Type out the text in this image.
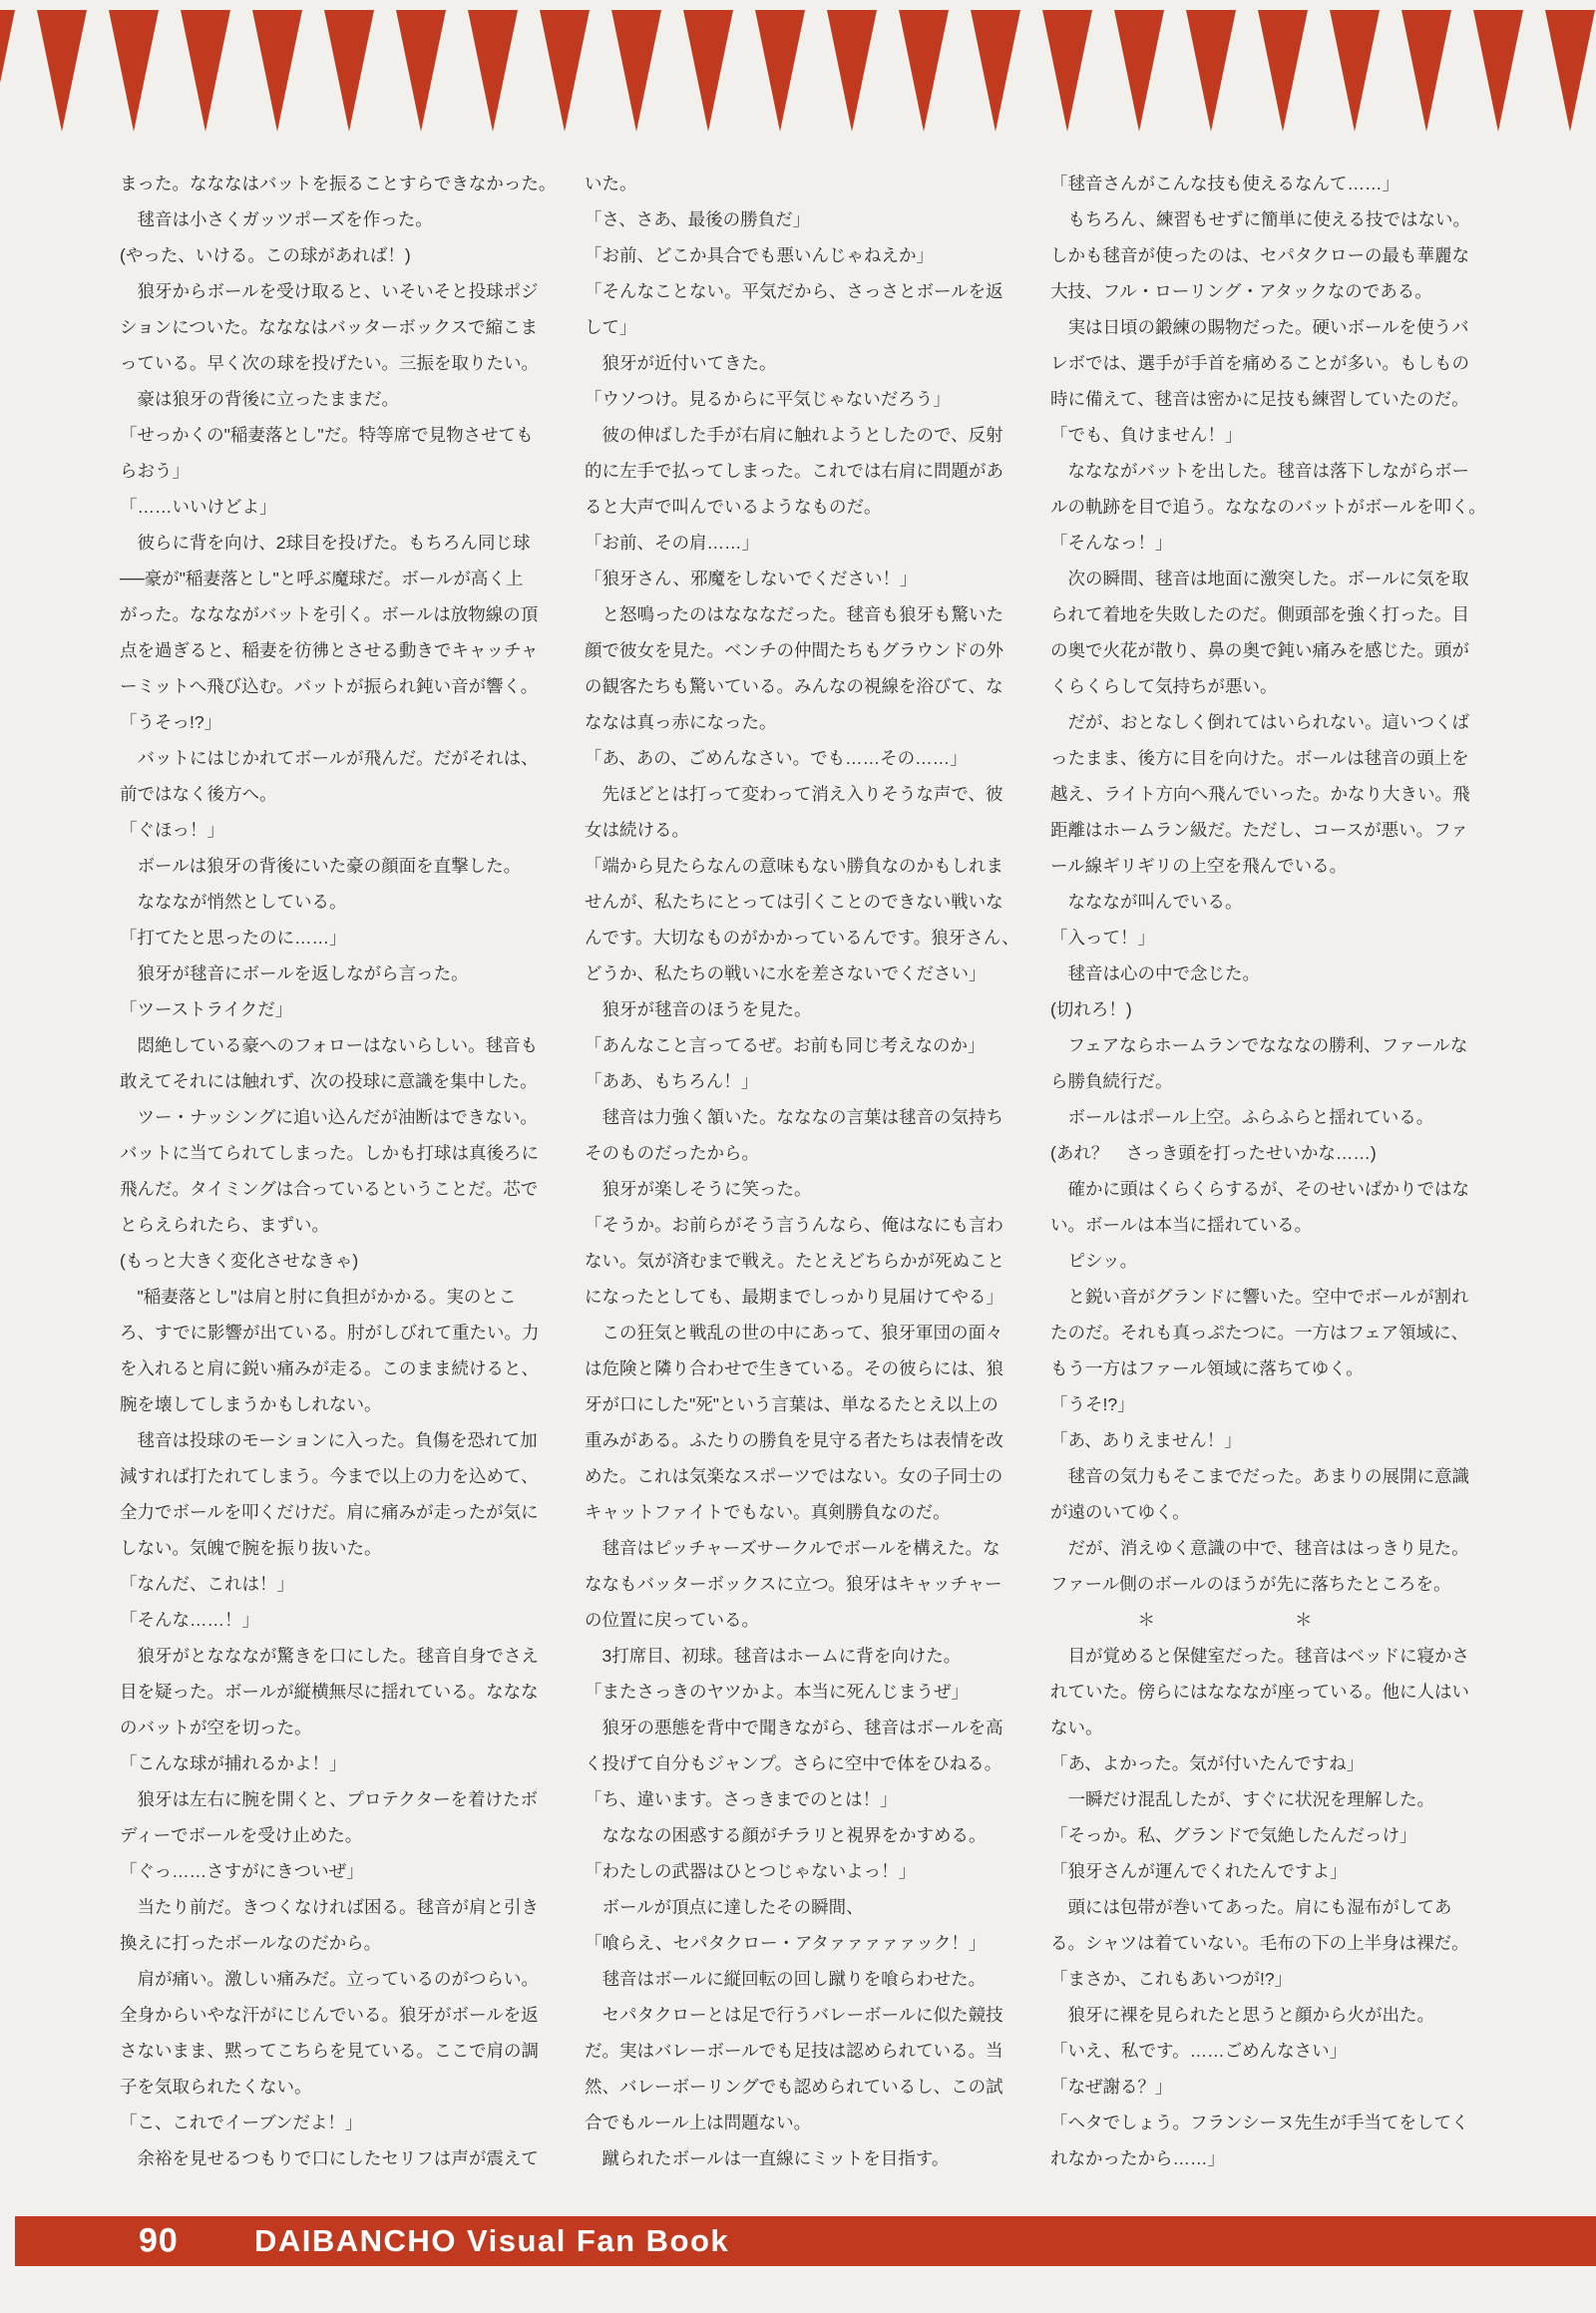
まった。なななはバットを振ることすらできなかった。
　毬音は小さくガッツポーズを作った。
(やった、いける。この球があれば！)
　狼牙からボールを受け取ると、いそいそと投球ポジ
ションについた。なななはバッターボックスで縮こま
っている。早く次の球を投げたい。三振を取りたい。
　豪は狼牙の背後に立ったままだ。
「せっかくの"稲妻落とし"だ。特等席で見物させても
らおう」
「……いいけどよ」
　彼らに背を向け、2球目を投げた。もちろん同じ球
──豪が"稲妻落とし"と呼ぶ魔球だ。ボールが高く上
がった。ななながバットを引く。ボールは放物線の頂
点を過ぎると、稲妻を彷彿とさせる動きでキャッチャ
ーミットへ飛び込む。バットが振られ鈍い音が響く。
「うそっ!?」
　バットにはじかれてボールが飛んだ。だがそれは、
前ではなく後方へ。
「ぐほっ！」
　ボールは狼牙の背後にいた豪の顔面を直撃した。
　なななが悄然としている。
「打てたと思ったのに……」
　狼牙が毬音にボールを返しながら言った。
「ツーストライクだ」
　悶絶している豪へのフォローはないらしい。毬音も
敢えてそれには触れず、次の投球に意識を集中した。
　ツー・ナッシングに追い込んだが油断はできない。
バットに当てられてしまった。しかも打球は真後ろに
飛んだ。タイミングは合っているということだ。芯で
とらえられたら、まずい。
(もっと大きく変化させなきゃ)
　"稲妻落とし"は肩と肘に負担がかかる。実のとこ
ろ、すでに影響が出ている。肘がしびれて重たい。力
を入れると肩に鋭い痛みが走る。このまま続けると、
腕を壊してしまうかもしれない。
　毬音は投球のモーションに入った。負傷を恐れて加
減すれば打たれてしまう。今まで以上の力を込めて、
全力でボールを叩くだけだ。肩に痛みが走ったが気に
しない。気魄で腕を振り抜いた。
「なんだ、これは！」
「そんな……！」
　狼牙がとなななが驚きを口にした。毬音自身でさえ
目を疑った。ボールが縦横無尽に揺れている。ななな
のバットが空を切った。
「こんな球が捕れるかよ！」
　狼牙は左右に腕を開くと、プロテクターを着けたボ
ディーでボールを受け止めた。
「ぐっ……さすがにきついぜ」
　当たり前だ。きつくなければ困る。毬音が肩と引き
換えに打ったボールなのだから。
　肩が痛い。激しい痛みだ。立っているのがつらい。
全身からいやな汗がにじんでいる。狼牙がボールを返
さないまま、黙ってこちらを見ている。ここで肩の調
子を気取られたくない。
「こ、これでイーブンだよ！」
　余裕を見せるつもりで口にしたセリフは声が震えて
いた。
「さ、さあ、最後の勝負だ」
「お前、どこか具合でも悪いんじゃねえか」
「そんなことない。平気だから、さっさとボールを返
して」
　狼牙が近付いてきた。
「ウソつけ。見るからに平気じゃないだろう」
　彼の伸ばした手が右肩に触れようとしたので、反射
的に左手で払ってしまった。これでは右肩に問題があ
ると大声で叫んでいるようなものだ。
「お前、その肩……」
「狼牙さん、邪魔をしないでください！」
　と怒鳴ったのはなななだった。毬音も狼牙も驚いた
顔で彼女を見た。ベンチの仲間たちもグラウンドの外
の観客たちも驚いている。みんなの視線を浴びて、な
ななは真っ赤になった。
「あ、あの、ごめんなさい。でも……その……」
　先ほどとは打って変わって消え入りそうな声で、彼
女は続ける。
「端から見たらなんの意味もない勝負なのかもしれま
せんが、私たちにとっては引くことのできない戦いな
んです。大切なものがかかっているんです。狼牙さん、
どうか、私たちの戦いに水を差さないでください」
　狼牙が毬音のほうを見た。
「あんなこと言ってるぜ。お前も同じ考えなのか」
「ああ、もちろん！」
　毬音は力強く頷いた。なななの言葉は毬音の気持ち
そのものだったから。
　狼牙が楽しそうに笑った。
「そうか。お前らがそう言うんなら、俺はなにも言わ
ない。気が済むまで戦え。たとえどちらかが死ぬこと
になったとしても、最期までしっかり見届けてやる」
　この狂気と戦乱の世の中にあって、狼牙軍団の面々
は危険と隣り合わせで生きている。その彼らには、狼
牙が口にした"死"という言葉は、単なるたとえ以上の
重みがある。ふたりの勝負を見守る者たちは表情を改
めた。これは気楽なスポーツではない。女の子同士の
キャットファイトでもない。真剣勝負なのだ。
　毬音はピッチャーズサークルでボールを構えた。な
ななもバッターボックスに立つ。狼牙はキャッチャー
の位置に戻っている。
　3打席目、初球。毬音はホームに背を向けた。
「またさっきのヤツかよ。本当に死んじまうぜ」
　狼牙の悪態を背中で聞きながら、毬音はボールを高
く投げて自分もジャンプ。さらに空中で体をひねる。
「ち、違います。さっきまでのとは！」
　なななの困惑する顔がチラリと視界をかすめる。
「わたしの武器はひとつじゃないよっ！」
　ボールが頂点に達したその瞬間、
「喰らえ、セパタクロー・アタァァァァァック！」
　毬音はボールに縦回転の回し蹴りを喰らわせた。
　セパタクローとは足で行うバレーボールに似た競技
だ。実はバレーボールでも足技は認められている。当
然、バレーボーリングでも認められているし、この試
合でもルール上は問題ない。
　蹴られたボールは一直線にミットを目指す。
「毬音さんがこんな技も使えるなんて……」
　もちろん、練習もせずに簡単に使える技ではない。
しかも毬音が使ったのは、セパタクローの最も華麗な
大技、フル・ローリング・アタックなのである。
　実は日頃の鍛練の賜物だった。硬いボールを使うバ
レボでは、選手が手首を痛めることが多い。もしもの
時に備えて、毬音は密かに足技も練習していたのだ。
「でも、負けません！」
　ななながバットを出した。毬音は落下しながらボー
ルの軌跡を目で追う。なななのバットがボールを叩く。
「そんなっ！」
　次の瞬間、毬音は地面に激突した。ボールに気を取
られて着地を失敗したのだ。側頭部を強く打った。目
の奥で火花が散り、鼻の奥で鈍い痛みを感じた。頭が
くらくらして気持ちが悪い。
　だが、おとなしく倒れてはいられない。這いつくば
ったまま、後方に目を向けた。ボールは毬音の頭上を
越え、ライト方向へ飛んでいった。かなり大きい。飛
距離はホームラン級だ。ただし、コースが悪い。ファ
ール線ギリギリの上空を飛んでいる。
　なななが叫んでいる。
「入って！」
　毬音は心の中で念じた。
(切れろ！)
　フェアならホームランでなななの勝利、ファールな
ら勝負続行だ。
　ボールはポール上空。ふらふらと揺れている。
(あれ？　さっき頭を打ったせいかな……)
　確かに頭はくらくらするが、そのせいばかりではな
い。ボールは本当に揺れている。
　ピシッ。
　と鋭い音がグランドに響いた。空中でボールが割れ
たのだ。それも真っぷたつに。一方はフェア領域に、
もう一方はファール領域に落ちてゆく。
「うそ!?」
「あ、ありえません！」
　毬音の気力もそこまでだった。あまりの展開に意識
が遠のいてゆく。
　だが、消えゆく意識の中で、毬音ははっきり見た。
ファール側のボールのほうが先に落ちたところを。
　　　　　＊　　　　　　　　＊
　目が覚めると保健室だった。毬音はベッドに寝かさ
れていた。傍らにはなななが座っている。他に人はい
ない。
「あ、よかった。気が付いたんですね」
　一瞬だけ混乱したが、すぐに状況を理解した。
「そっか。私、グランドで気絶したんだっけ」
「狼牙さんが運んでくれたんですよ」
　頭には包帯が巻いてあった。肩にも湿布がしてあ
る。シャツは着ていない。毛布の下の上半身は裸だ。
「まさか、これもあいつが!?」
　狼牙に裸を見られたと思うと顔から火が出た。
「いえ、私です。……ごめんなさい」
「なぜ謝る？」
「ヘタでしょう。フランシーヌ先生が手当てをしてく
れなかったから……」
90 DAIBANCHO Visual Fan Book
